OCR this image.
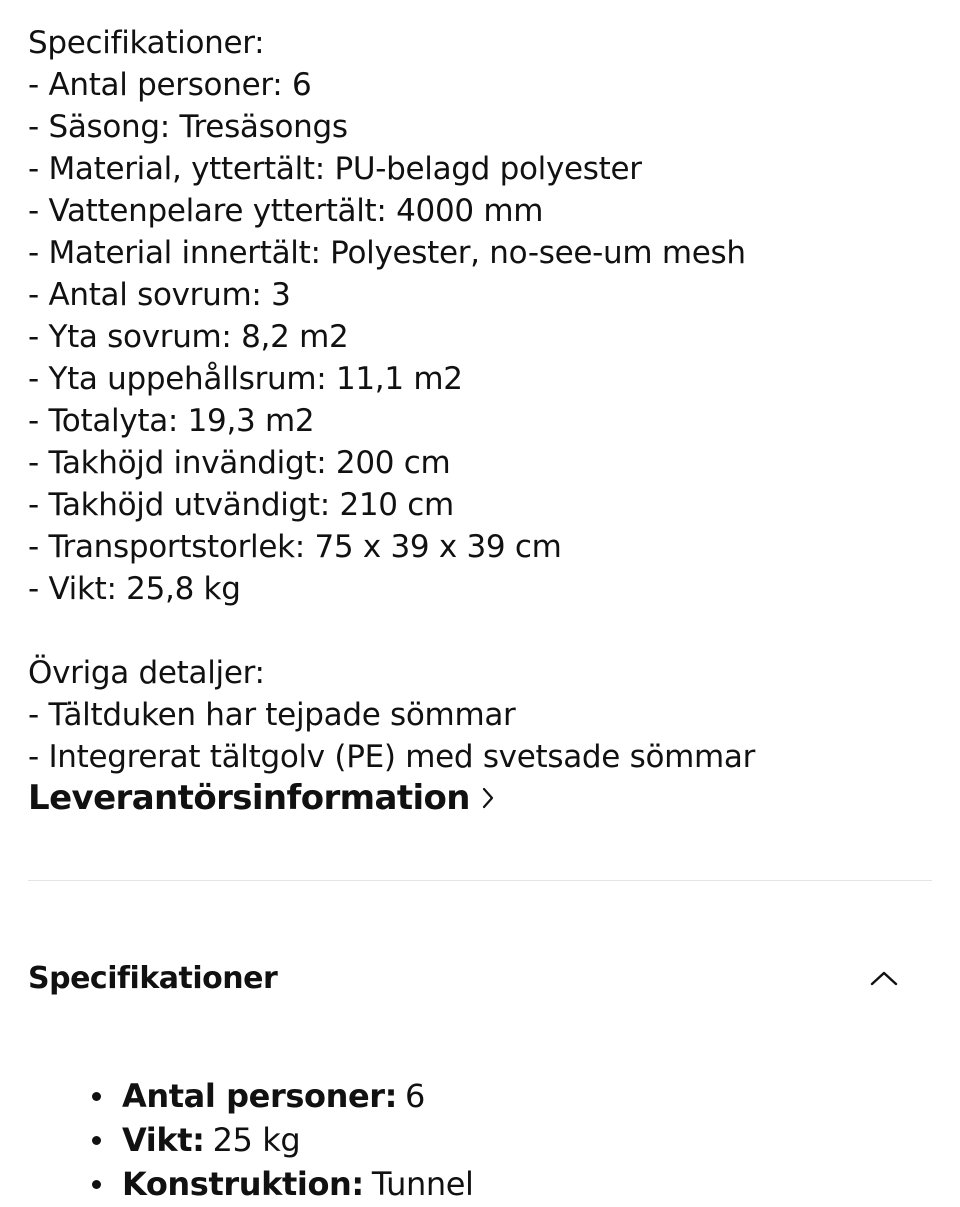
Specifikationer:
- Antal personer: 6
- Säsong: Tresäsongs
- Material, yttertält: PU-belagd polyester
- Vattenpelare yttertält: 4000 mm
- Material innertält: Polyester, no-see-um mesh
- Antal sovrum: 3
- Yta sovrum: 8,2 m2
- Yta uppehållsrum: 11,1 m2
- Totalyta: 19,3 m2
- Takhöjd invändigt: 200 cm
- Takhöjd utvändigt: 210 cm
- Transportstorlek: 75 x 39 x 39 cm
- Vikt: 25,8 kg
Övriga detaljer:
- Tältduken har tejpade sömmar
- Integrerat tältgolv (PE) med svetsade sömmar
Leverantörsinformation
Specifikationer
Antal personer: 6
Vikt: 25 kg
Konstruktion: Tunnel
